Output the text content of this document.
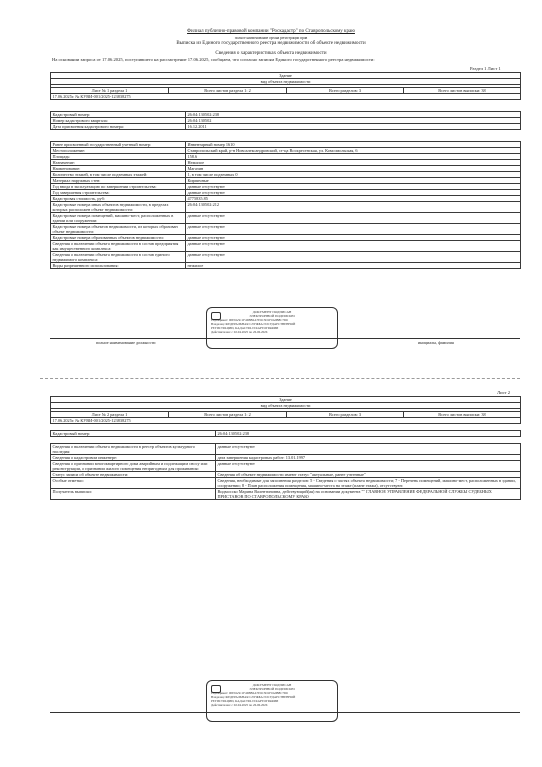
Филиал публично-правовой компании "Роскадастр" по Ставропольскому краю
полное наименование органа регистрации прав
Выписка из Единого государственного реестра недвижимости об объекте недвижимости
Сведения о характеристиках объекта недвижимости
На основании запроса от 17.06.2025, поступившего на рассмотрение 17.06.2025, сообщаем, что согласно записям Единого государственного реестра недвижимости:
Раздел 1 Лист 1
Здание
вид объекта недвижимости

Лист № 1 раздела 1	Всего листов раздела 1: 2	Всего разделов: 3	Всего листов выписки: 38
17.06.2025г. № КУВИ-001/2025-123838275
Кадастровый номер:	26:04:130502:238
Номер кадастрового квартала:	26:04:130502
Дата присвоения кадастрового номера:	16.12.2011
Ранее присвоенный государственный учетный номер:	Инвентарный номер 1610
Местоположение:	Ставропольский край, р-н Новоалександровский, ст-ца Воскресенская, ул. Комсомольская, 6
Площадь:	158.6
Назначение:	Нежилое
Наименование:	Магазин
Количество этажей, в том числе подземных этажей:	1, в том числе подземных 0
Материал наружных стен:	Кирпичные
Год ввода в эксплуатацию по завершении строительства:	данные отсутствуют
Год завершения строительства:	данные отсутствуют
Кадастровая стоимость, руб:	4775835.85
Кадастровые номера иных объектов недвижимости, в пределах которых расположен объект недвижимости:	26:04:130502:212
Кадастровые номера помещений, машино-мест, расположенных в здании или сооружении:	данные отсутствуют
Кадастровые номера объектов недвижимости, из которых образован объект недвижимости:	данные отсутствуют
Кадастровые номера образованных объектов недвижимости:	данные отсутствуют
Сведения о включении объекта недвижимости в состав предприятия как имущественного комплекса:	данные отсутствуют
Сведения о включении объекта недвижимости в состав единого недвижимого комплекса:	данные отсутствуют
Виды разрешенного использования:	нежилое
полное наименование должности	инициалы, фамилия
ДОКУМЕНТ ПОДПИСАН
ЭЛЕКТРОННОЙ ПОДПИСЬЮ
Сертификат: 00E9A5C1F4D8B2A7E6C3D1F0A9B8C7D6
Владелец: ФЕДЕРАЛЬНАЯ СЛУЖБА ГОСУДАРСТВЕННОЙ
РЕГИСТРАЦИИ, КАДАСТРА И КАРТОГРАФИИ
Действителен: с 02.04.2025 по 26.06.2026
Лист 2
Здание
вид объекта недвижимости

Лист № 2 раздела 1	Всего листов раздела 1: 2	Всего разделов: 3	Всего листов выписки: 38
17.06.2025г. № КУВИ-001/2025-123838275
Кадастровый номер:	26:04:130502:238
Сведения о включении объекта недвижимости в реестр объектов культурного наследия:	данные отсутствуют
Сведения о кадастровом инженере:	дата завершения кадастровых работ: 13.01.1997
Сведения о признании многоквартирного дома аварийным и подлежащим сносу или реконструкции, о признании жилого помещения непригодным для проживания:	данные отсутствуют
Статус записи об объекте недвижимости:	Сведения об объекте недвижимости имеют статус "актуальные, ранее учтенные"
Особые отметки:	Сведения, необходимые для заполнения разделов: 5 - Сведения о частях объекта недвижимости; 7 - Перечень помещений, машино-мест, расположенных в здании, сооружении; 8 - План расположения помещения, машино-места на этаже (плане этажа), отсутствуют.
Получатель выписки:	Видмосско Марина Валентиновна, действующий(ая) на основании документа "" ГЛАВНОЕ УПРАВЛЕНИЕ ФЕДЕРАЛЬНОЙ СЛУЖБЫ СУДЕБНЫХ ПРИСТАВОВ ПО СТАВРОПОЛЬСКОМУ КРАЮ
ДОКУМЕНТ ПОДПИСАН
ЭЛЕКТРОННОЙ ПОДПИСЬЮ
Сертификат: 00E9A5C1F4D8B2A7E6C3D1F0A9B8C7D6
Владелец: ФЕДЕРАЛЬНАЯ СЛУЖБА ГОСУДАРСТВЕННОЙ
РЕГИСТРАЦИИ, КАДАСТРА И КАРТОГРАФИИ
Действителен: с 02.04.2025 по 26.06.2026
